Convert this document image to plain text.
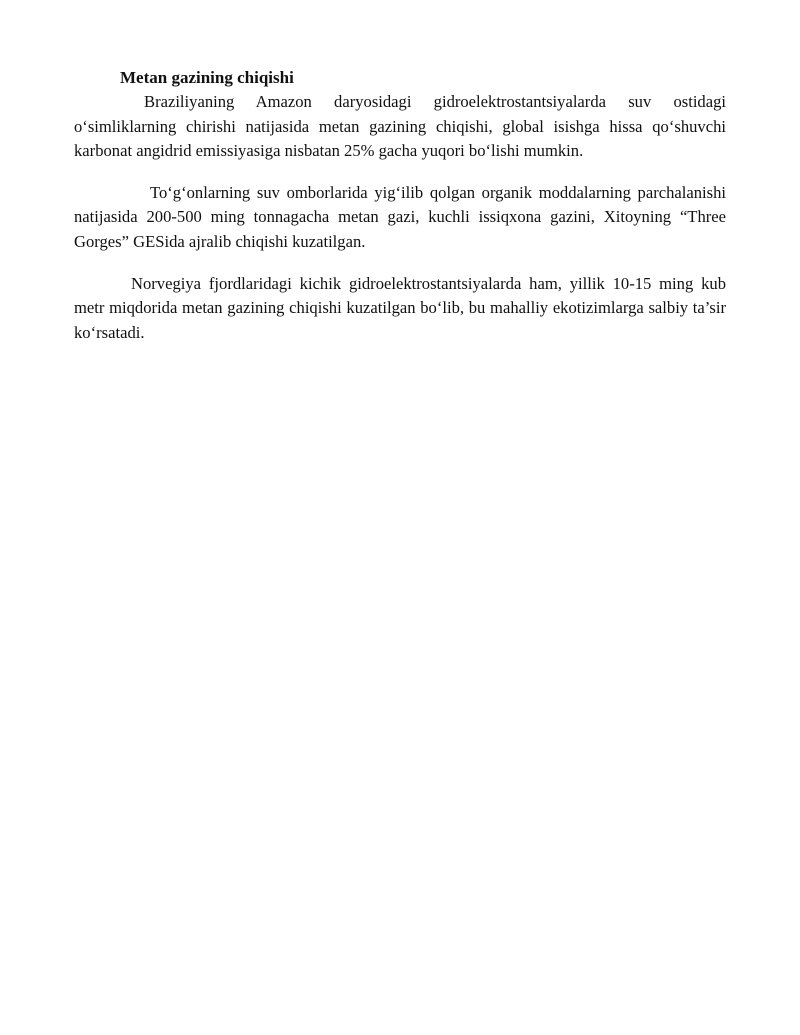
Metan gazining chiqishi

Braziliyaning Amazon daryosidagi gidroelektrostantsiyalarda suv ostidagi o‘simliklarning chirishi natijasida metan gazining chiqishi, global isishga hissa qo‘shuvchi karbonat angidrid emissiyasiga nisbatan 25% gacha yuqori bo‘lishi mumkin.

To‘g‘onlarning suv omborlarida yig‘ilib qolgan organik moddalarning parchalanishi natijasida 200-500 ming tonnagacha metan gazi, kuchli issiqxona gazini, Xitoyning “Three Gorges” GESida ajralib chiqishi kuzatilgan.

Norvegiya fjordlaridagi kichik gidroelektrostantsiyalarda ham, yillik 10-15 ming kub metr miqdorida metan gazining chiqishi kuzatilgan bo‘lib, bu mahalliy ekotizimlarga salbiy ta’sir ko‘rsatadi.
